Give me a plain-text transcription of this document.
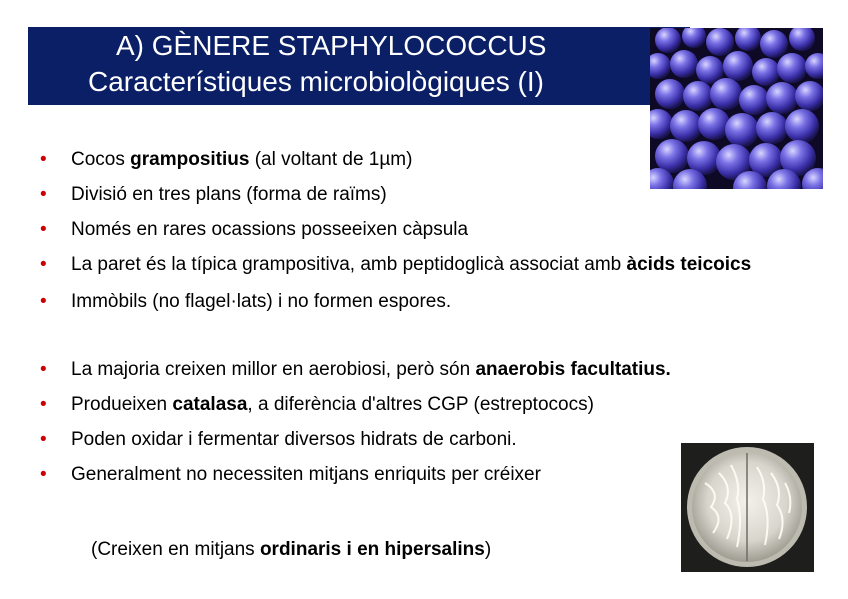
A) GÈNERE STAPHYLOCOCCUS
Característiques microbiològiques (I)
• Cocos grampositius (al voltant de 1µm)
• Divisió en tres plans (forma de raïms)
• Només en rares ocassions posseeixen càpsula
• La paret és la típica grampositiva, amb peptidoglicà associat amb àcids teicoics
• Immòbils (no flagel·lats) i no formen espores.
• La majoria creixen millor en aerobiosi, però són anaerobis facultatius.
• Produeixen catalasa, a diferència d'altres CGP (estreptococs)
• Poden oxidar i fermentar diversos hidrats de carboni.
• Generalment no necessiten mitjans enriquits per créixer
(Creixen en mitjans ordinaris i en hipersalins)
